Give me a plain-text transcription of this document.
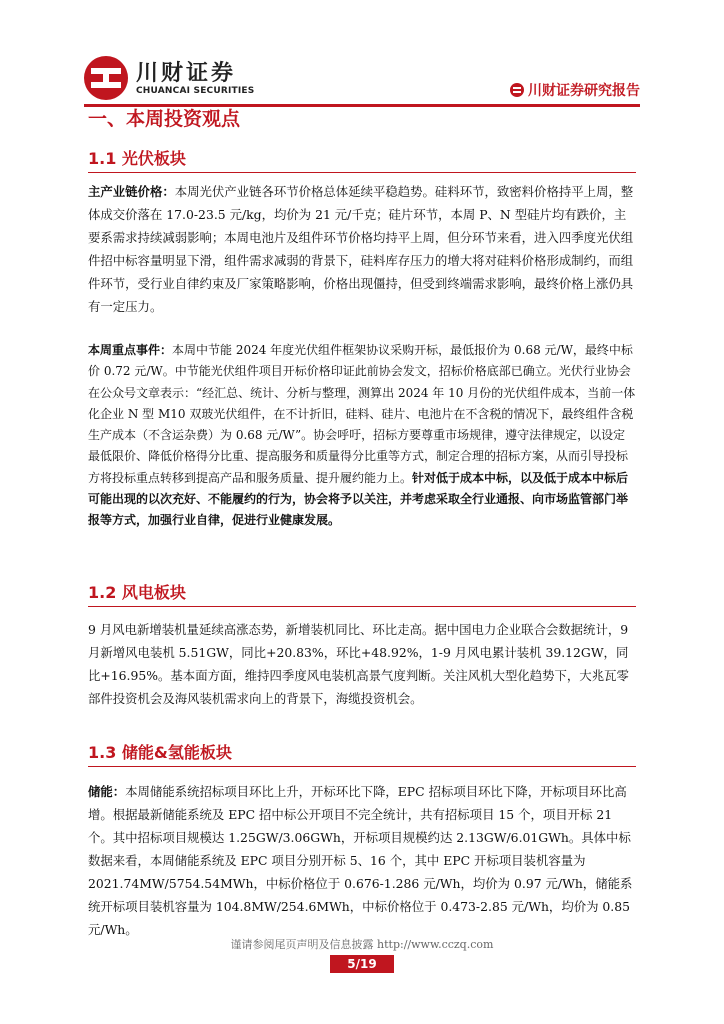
川财证券
CHUANCAI SECURITIES	川财证券研究报告
一、本周投资观点
1.1 光伏板块
主产业链价格：本周光伏产业链各环节价格总体延续平稳趋势。硅料环节，致密料价格持平上周，整体成交价落在 17.0-23.5 元/kg，均价为 21 元/千克；硅片环节，本周 P、N 型硅片均有跌价，主要系需求持续减弱影响；本周电池片及组件环节价格均持平上周，但分环节来看，进入四季度光伏组件招中标容量明显下滑，组件需求减弱的背景下，硅料库存压力的增大将对硅料价格形成制约，而组件环节，受行业自律约束及厂家策略影响，价格出现僵持，但受到终端需求影响，最终价格上涨仍具有一定压力。
本周重点事件：本周中节能 2024 年度光伏组件框架协议采购开标，最低报价为 0.68 元/W，最终中标价 0.72 元/W。中节能光伏组件项目开标价格印证此前协会发文，招标价格底部已确立。光伏行业协会在公众号文章表示：“经汇总、统计、分析与整理，测算出 2024 年 10 月份的光伏组件成本，当前一体化企业 N 型 M10 双玻光伏组件，在不计折旧，硅料、硅片、电池片在不含税的情况下，最终组件含税生产成本（不含运杂费）为 0.68 元/W”。协会呼吁，招标方要尊重市场规律，遵守法律规定，以设定最低限价、降低价格得分比重、提高服务和质量得分比重等方式，制定合理的招标方案，从而引导投标方将投标重点转移到提高产品和服务质量、提升履约能力上。针对低于成本中标，以及低于成本中标后可能出现的以次充好、不能履约的行为，协会将予以关注，并考虑采取全行业通报、向市场监管部门举报等方式，加强行业自律，促进行业健康发展。
1.2 风电板块
9 月风电新增装机量延续高涨态势，新增装机同比、环比走高。据中国电力企业联合会数据统计，9 月新增风电装机 5.51GW，同比+20.83%，环比+48.92%，1-9 月风电累计装机 39.12GW，同比+16.95%。基本面方面，维持四季度风电装机高景气度判断。关注风机大型化趋势下，大兆瓦零部件投资机会及海风装机需求向上的背景下，海缆投资机会。
1.3 储能&氢能板块
储能：本周储能系统招标项目环比上升，开标环比下降，EPC 招标项目环比下降，开标项目环比高增。根据最新储能系统及 EPC 招中标公开项目不完全统计，共有招标项目 15 个，项目开标 21 个。其中招标项目规模达 1.25GW/3.06GWh，开标项目规模约达 2.13GW/6.01GWh。具体中标数据来看，本周储能系统及 EPC 项目分别开标 5、16 个，其中 EPC 开标项目装机容量为 2021.74MW/5754.54MWh，中标价格位于 0.676-1.286 元/Wh，均价为 0.97 元/Wh，储能系统开标项目装机容量为 104.8MW/254.6MWh，中标价格位于 0.473-2.85 元/Wh，均价为 0.85 元/Wh。
谨请参阅尾页声明及信息披露 http://www.cczq.com
5/19
